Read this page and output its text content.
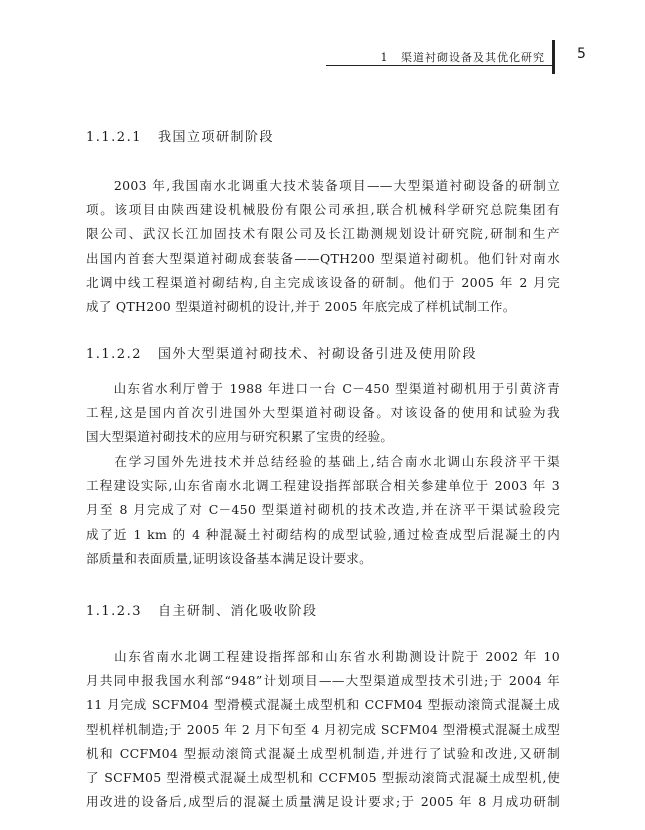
1 渠道衬砌设备及其优化研究 5
1.1.2.1 我国立项研制阶段
　　2003 年,我国南水北调重大技术装备项目——大型渠道衬砌设备的研制立
项。该项目由陕西建设机械股份有限公司承担,联合机械科学研究总院集团有
限公司、武汉长江加固技术有限公司及长江勘测规划设计研究院,研制和生产
出国内首套大型渠道衬砌成套装备——QTH200 型渠道衬砌机。他们针对南水
北调中线工程渠道衬砌结构,自主完成该设备的研制。他们于 2005 年 2 月完
成了 QTH200 型渠道衬砌机的设计,并于 2005 年底完成了样机试制工作。
1.1.2.2 国外大型渠道衬砌技术、衬砌设备引进及使用阶段
　　山东省水利厅曾于 1988 年进口一台 C－450 型渠道衬砌机用于引黄济青
工程,这是国内首次引进国外大型渠道衬砌设备。对该设备的使用和试验为我
国大型渠道衬砌技术的应用与研究积累了宝贵的经验。
　　在学习国外先进技术并总结经验的基础上,结合南水北调山东段济平干渠
工程建设实际,山东省南水北调工程建设指挥部联合相关参建单位于 2003 年 3
月至 8 月完成了对 C－450 型渠道衬砌机的技术改造,并在济平干渠试验段完
成了近 1 km 的 4 种混凝土衬砌结构的成型试验,通过检查成型后混凝土的内
部质量和表面质量,证明该设备基本满足设计要求。
1.1.2.3 自主研制、消化吸收阶段
　　山东省南水北调工程建设指挥部和山东省水利勘测设计院于 2002 年 10
月共同申报我国水利部“948”计划项目——大型渠道成型技术引进;于 2004 年
11 月完成 SCFM04 型滑模式混凝土成型机和 CCFM04 型振动滚筒式混凝土成
型机样机制造;于 2005 年 2 月下旬至 4 月初完成 SCFM04 型滑模式混凝土成型
机和 CCFM04 型振动滚筒式混凝土成型机制造,并进行了试验和改进,又研制
了 SCFM05 型滑模式混凝土成型机和 CCFM05 型振动滚筒式混凝土成型机,使
用改进的设备后,成型后的混凝土质量满足设计要求;于 2005 年 8 月成功研制
